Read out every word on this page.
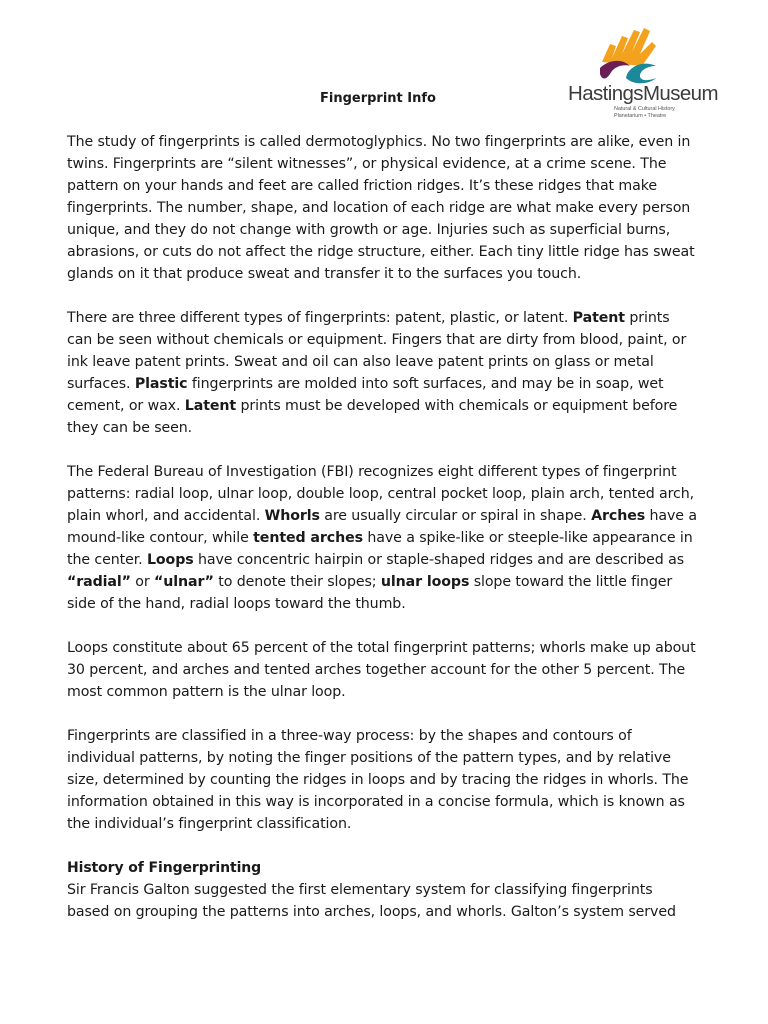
HastingsMuseum
Natural & Cultural History
Planetarium • Theatre
Fingerprint Info

The study of fingerprints is called dermotoglyphics. No two fingerprints are alike, even in twins. Fingerprints are “silent witnesses”, or physical evidence, at a crime scene. The pattern on your hands and feet are called friction ridges. It’s these ridges that make fingerprints. The number, shape, and location of each ridge are what make every person unique, and they do not change with growth or age. Injuries such as superficial burns, abrasions, or cuts do not affect the ridge structure, either. Each tiny little ridge has sweat glands on it that produce sweat and transfer it to the surfaces you touch.

There are three different types of fingerprints: patent, plastic, or latent. Patent prints can be seen without chemicals or equipment. Fingers that are dirty from blood, paint, or ink leave patent prints. Sweat and oil can also leave patent prints on glass or metal surfaces. Plastic fingerprints are molded into soft surfaces, and may be in soap, wet cement, or wax. Latent prints must be developed with chemicals or equipment before they can be seen.

The Federal Bureau of Investigation (FBI) recognizes eight different types of fingerprint patterns: radial loop, ulnar loop, double loop, central pocket loop, plain arch, tented arch, plain whorl, and accidental. Whorls are usually circular or spiral in shape. Arches have a mound-like contour, while tented arches have a spike-like or steeple-like appearance in the center. Loops have concentric hairpin or staple-shaped ridges and are described as “radial” or “ulnar” to denote their slopes; ulnar loops slope toward the little finger side of the hand, radial loops toward the thumb.

Loops constitute about 65 percent of the total fingerprint patterns; whorls make up about 30 percent, and arches and tented arches together account for the other 5 percent. The most common pattern is the ulnar loop.

Fingerprints are classified in a three-way process: by the shapes and contours of individual patterns, by noting the finger positions of the pattern types, and by relative size, determined by counting the ridges in loops and by tracing the ridges in whorls. The information obtained in this way is incorporated in a concise formula, which is known as the individual’s fingerprint classification.

History of Fingerprinting

Sir Francis Galton suggested the first elementary system for classifying fingerprints based on grouping the patterns into arches, loops, and whorls. Galton’s system served
